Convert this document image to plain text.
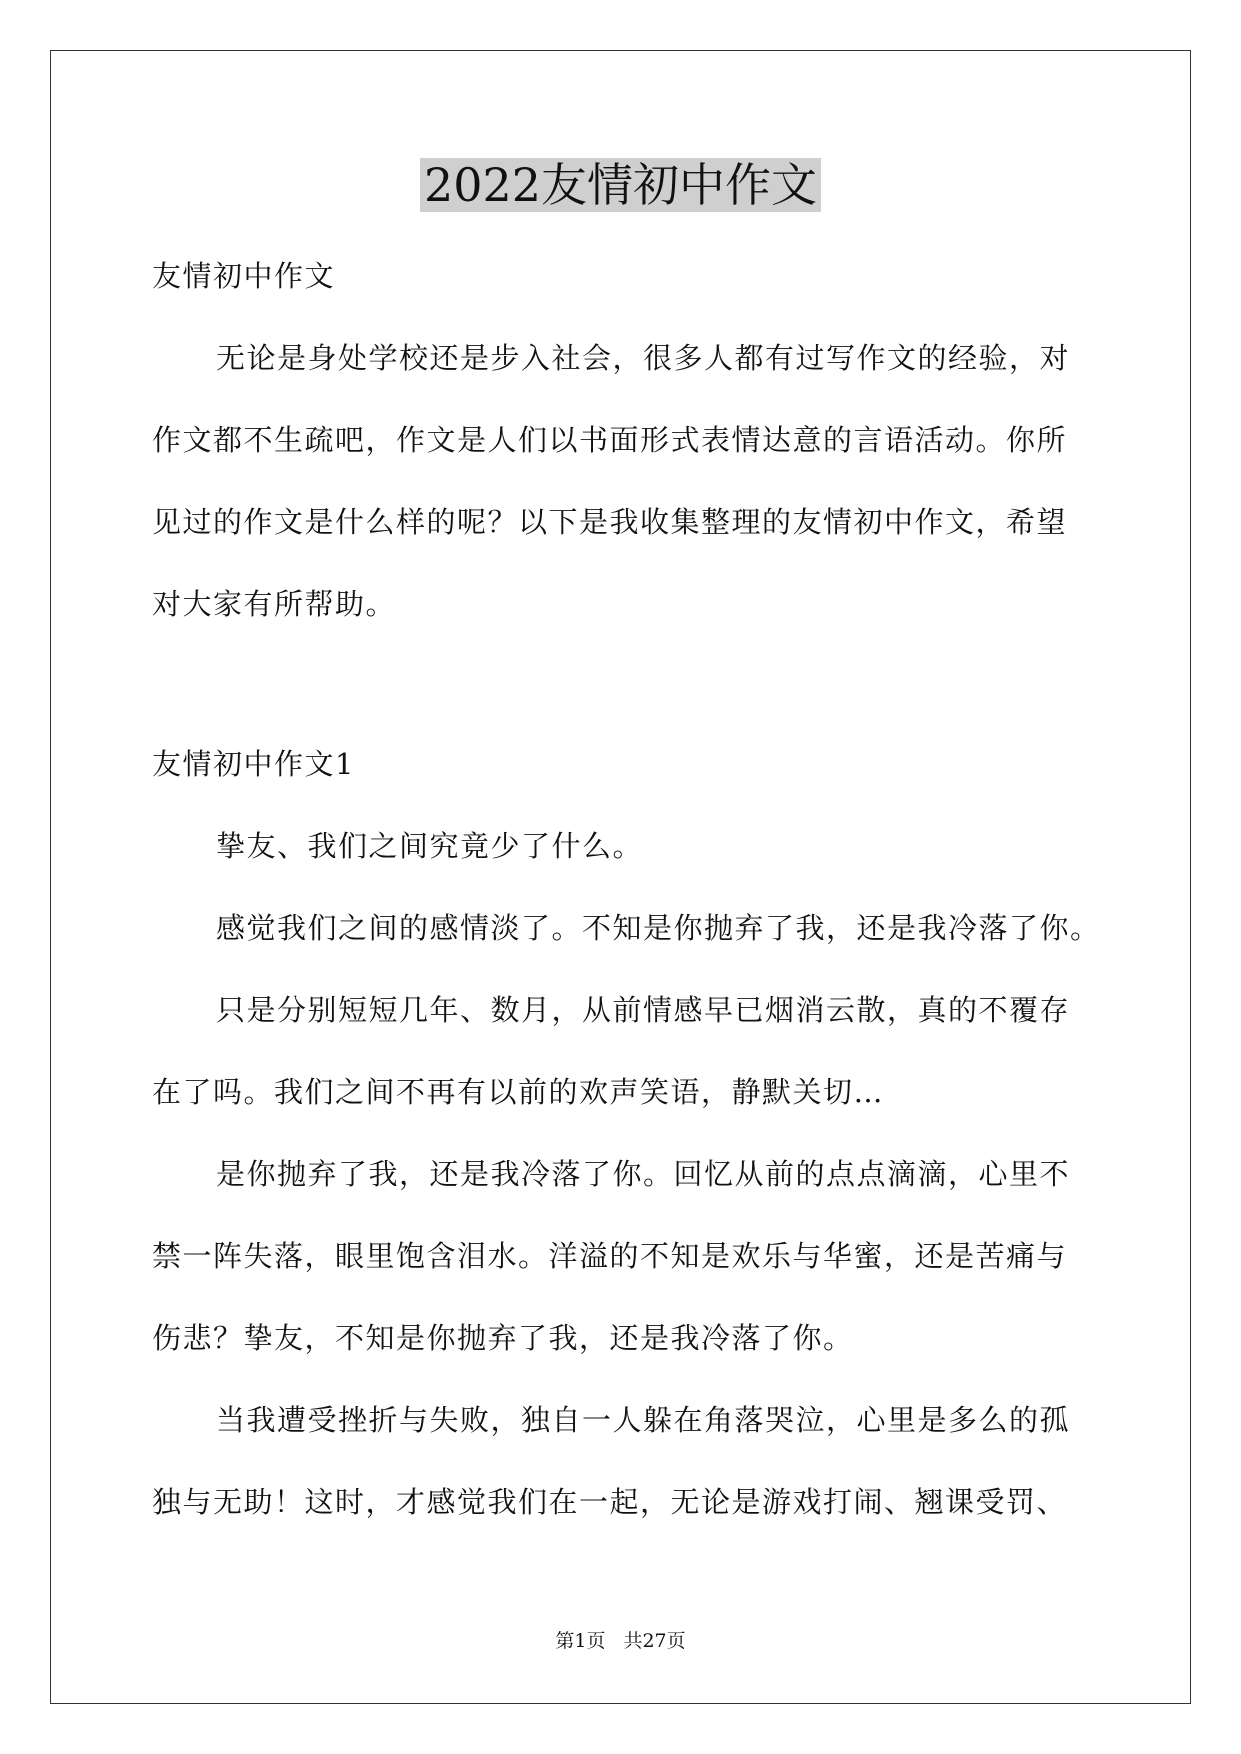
2022友情初中作文
友情初中作文
无论是身处学校还是步入社会，很多人都有过写作文的经验，对
作文都不生疏吧，作文是人们以书面形式表情达意的言语活动。你所
见过的作文是什么样的呢？以下是我收集整理的友情初中作文，希望
对大家有所帮助。
友情初中作文1
挚友、我们之间究竟少了什么。
感觉我们之间的感情淡了。不知是你抛弃了我，还是我冷落了你。
只是分别短短几年、数月，从前情感早已烟消云散，真的不覆存
在了吗。我们之间不再有以前的欢声笑语，静默关切…
是你抛弃了我，还是我冷落了你。回忆从前的点点滴滴，心里不
禁一阵失落，眼里饱含泪水。洋溢的不知是欢乐与华蜜，还是苦痛与
伤悲？挚友，不知是你抛弃了我，还是我冷落了你。
当我遭受挫折与失败，独自一人躲在角落哭泣，心里是多么的孤
独与无助！这时，才感觉我们在一起，无论是游戏打闹、翘课受罚、
第1页 共27页
